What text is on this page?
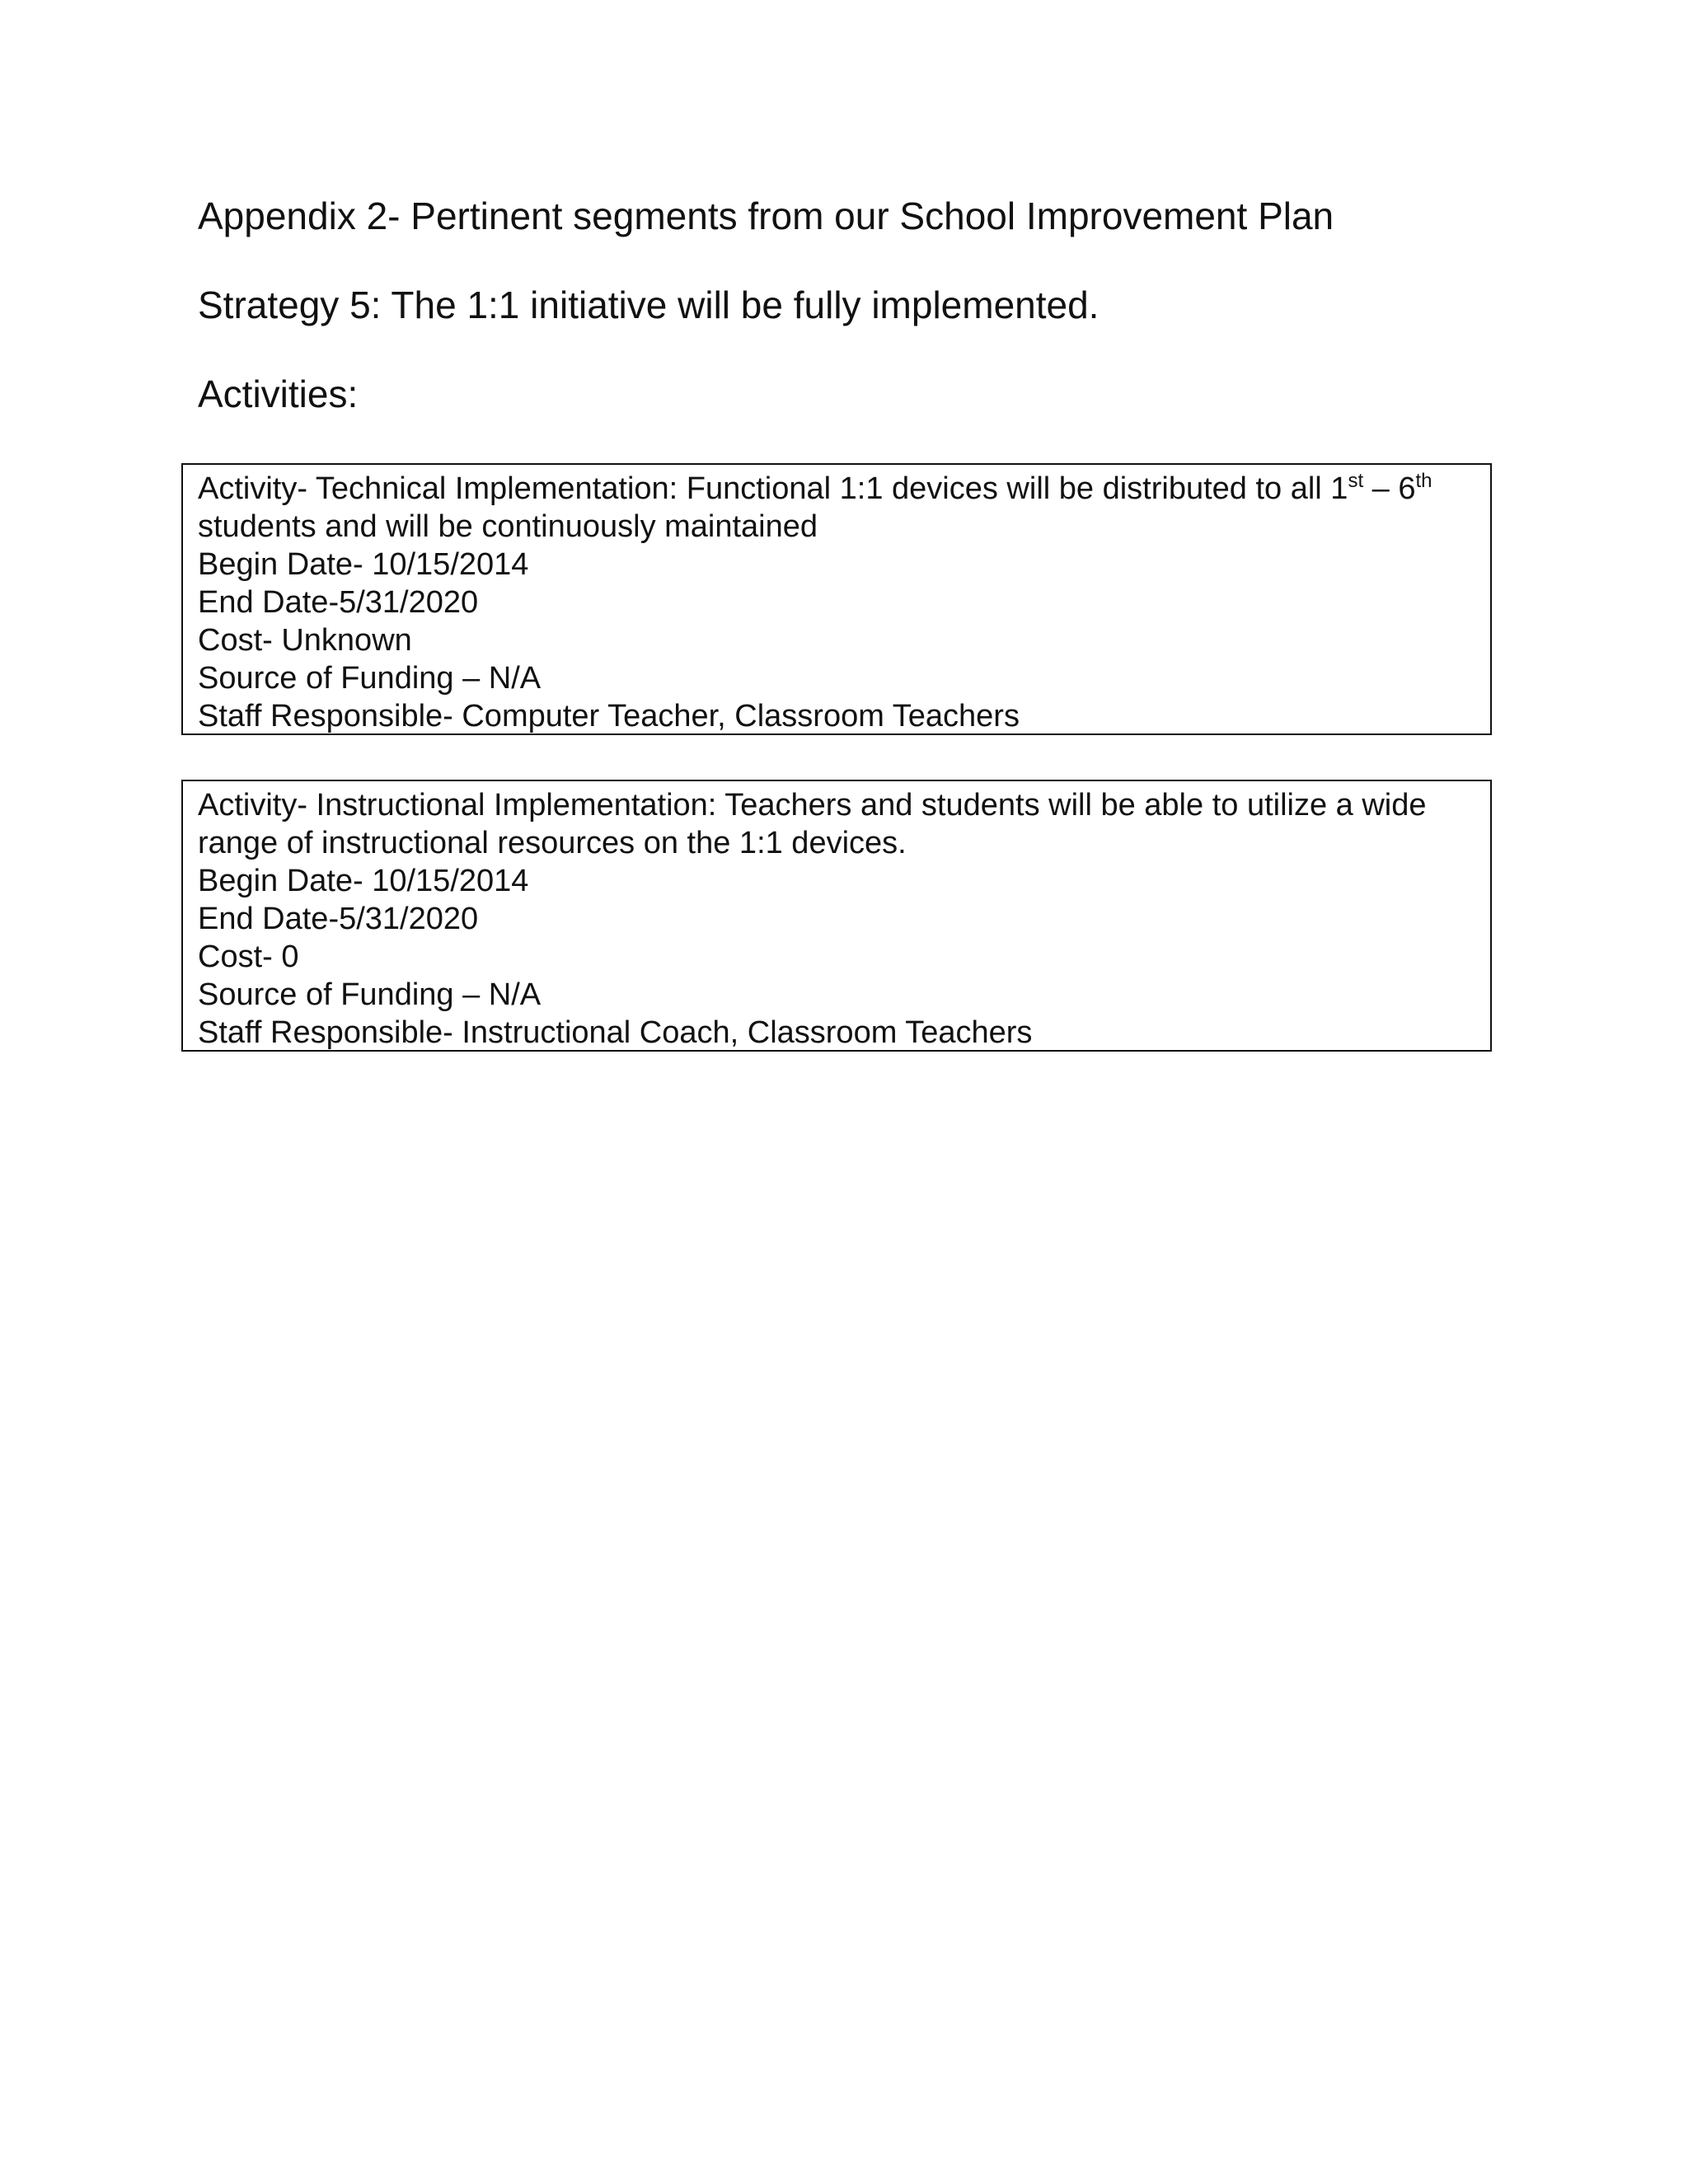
Appendix 2- Pertinent segments from our School Improvement Plan
Strategy 5: The 1:1 initiative will be fully implemented.
Activities:
Activity- Technical Implementation: Functional 1:1 devices will be distributed to all 1st – 6th students and will be continuously maintained
Begin Date- 10/15/2014
End Date-5/31/2020
Cost- Unknown
Source of Funding – N/A
Staff Responsible- Computer Teacher, Classroom Teachers
Activity- Instructional Implementation: Teachers and students will be able to utilize a wide range of instructional resources on the 1:1 devices.
Begin Date- 10/15/2014
End Date-5/31/2020
Cost- 0
Source of Funding – N/A
Staff Responsible- Instructional Coach, Classroom Teachers
